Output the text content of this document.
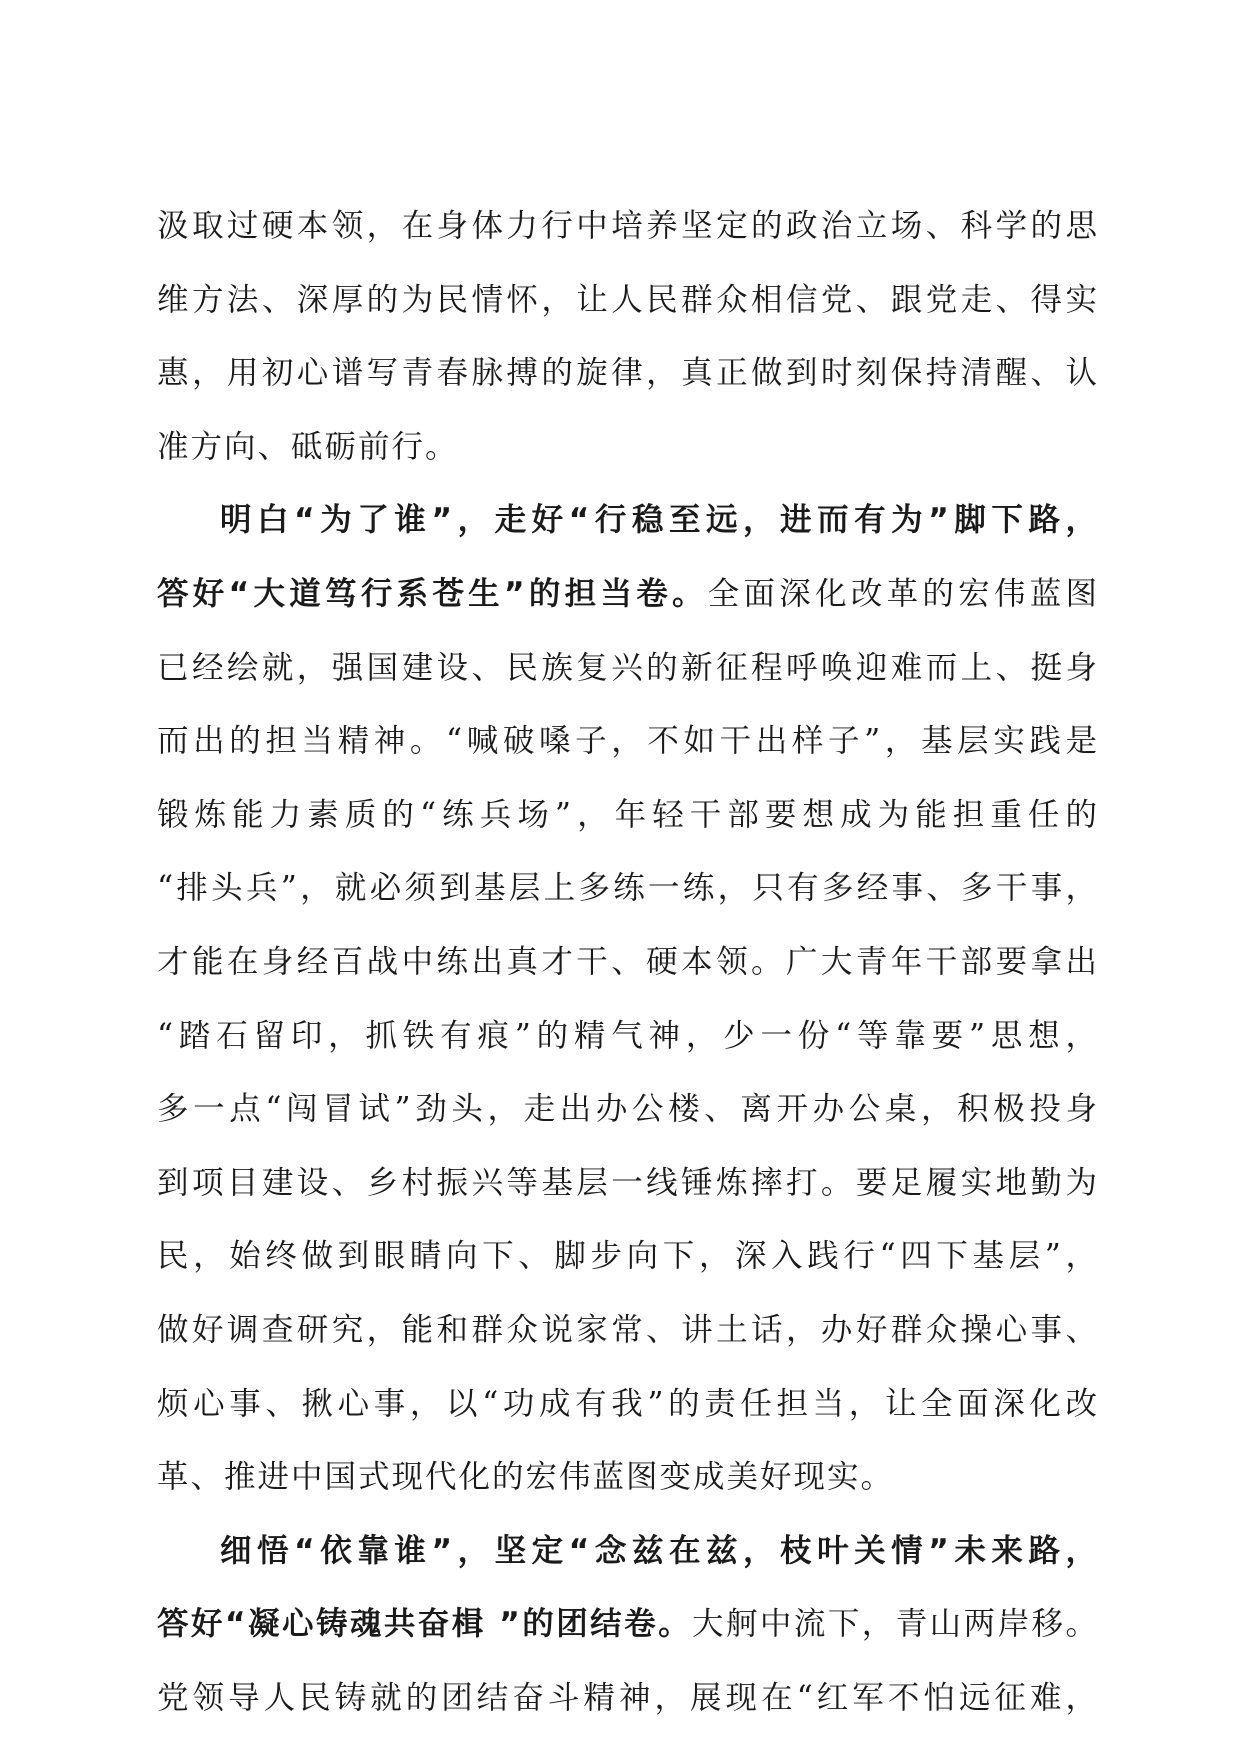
汲取过硬本领，在身体力行中培养坚定的政治立场、科学的思
维方法、深厚的为民情怀，让人民群众相信党、跟党走、得实
惠，用初心谱写青春脉搏的旋律，真正做到时刻保持清醒、认
准方向、砥砺前行。
明白“为了谁”，走好“行稳至远，进而有为”脚下路，
答好“大道笃行系苍生”的担当卷。全面深化改革的宏伟蓝图
已经绘就，强国建设、民族复兴的新征程呼唤迎难而上、挺身
而出的担当精神。“喊破嗓子，不如干出样子”，基层实践是
锻炼能力素质的“练兵场”，年轻干部要想成为能担重任的
“排头兵”，就必须到基层上多练一练，只有多经事、多干事，
才能在身经百战中练出真才干、硬本领。广大青年干部要拿出
“踏石留印，抓铁有痕”的精气神，少一份“等靠要”思想，
多一点“闯冒试”劲头，走出办公楼、离开办公桌，积极投身
到项目建设、乡村振兴等基层一线锤炼摔打。要足履实地勤为
民，始终做到眼睛向下、脚步向下，深入践行“四下基层”，
做好调查研究，能和群众说家常、讲土话，办好群众操心事、
烦心事、揪心事，以“功成有我”的责任担当，让全面深化改
革、推进中国式现代化的宏伟蓝图变成美好现实。
细悟“依靠谁”，坚定“念兹在兹，枝叶关情”未来路，
答好“凝心铸魂共奋楫 ”的团结卷。大舸中流下，青山两岸移。
党领导人民铸就的团结奋斗精神，展现在“红军不怕远征难，
